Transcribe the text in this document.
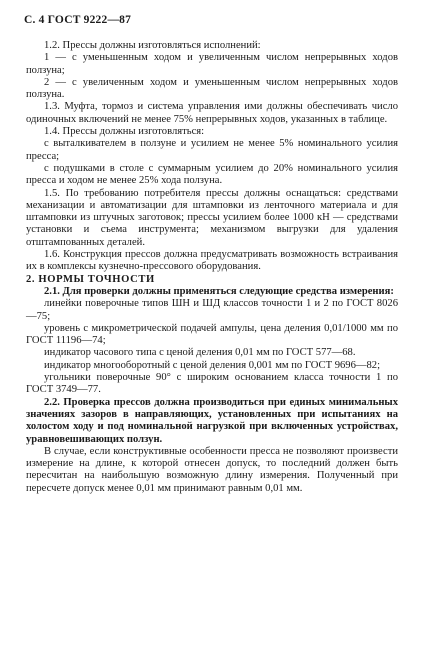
С. 4 ГОСТ 9222—87

1.2. Прессы должны изготовляться исполнений:

1 — с уменьшенным ходом и увеличенным числом непрерывных ходов ползуна;

2 — с увеличенным ходом и уменьшенным числом непрерывных ходов ползуна.

1.3. Муфта, тормоз и система управления ими должны обеспечивать число одиночных включений не менее 75% непрерывных ходов, указанных в таблице.

1.4. Прессы должны изготовляться:

с выталкивателем в ползуне и усилием не менее 5% номинального усилия пресса;

с подушками в столе с суммарным усилием до 20% номинального усилия пресса и ходом не менее 25% хода ползуна.

1.5. По требованию потребителя прессы должны оснащаться: средствами механизации и автоматизации для штамповки из ленточного материала и для штамповки из штучных заготовок; прессы усилием более 1000 кН — средствами установки и съема инструмента; механизмом выгрузки для удаления отштампованных деталей.

1.6. Конструкция прессов должна предусматривать возможность встраивания их в комплексы кузнечно-прессового оборудования.

2. НОРМЫ ТОЧНОСТИ

2.1. Для проверки должны применяться следующие средства измерения:

линейки поверочные типов ШН и ШД классов точности 1 и 2 по ГОСТ 8026—75;

уровень с микрометрической подачей ампулы, цена деления 0,01/1000 мм по ГОСТ 11196—74;

индикатор часового типа с ценой деления 0,01 мм по ГОСТ 577—68.

индикатор многооборотный с ценой деления 0,001 мм по ГОСТ 9696—82;

угольники поверочные 90° с широким основанием класса точности 1 по ГОСТ 3749—77.

2.2. Проверка прессов должна производиться при единых минимальных значениях зазоров в направляющих, установленных при испытаниях на холостом ходу и под номинальной нагрузкой при включенных устройствах, уравновешивающих ползун.

В случае, если конструктивные особенности пресса не позволяют произвести измерение на длине, к которой отнесен допуск, то последний должен быть пересчитан на наибольшую возможную длину измерения. Полученный при пересчете допуск менее 0,01 мм принимают равным 0,01 мм.
